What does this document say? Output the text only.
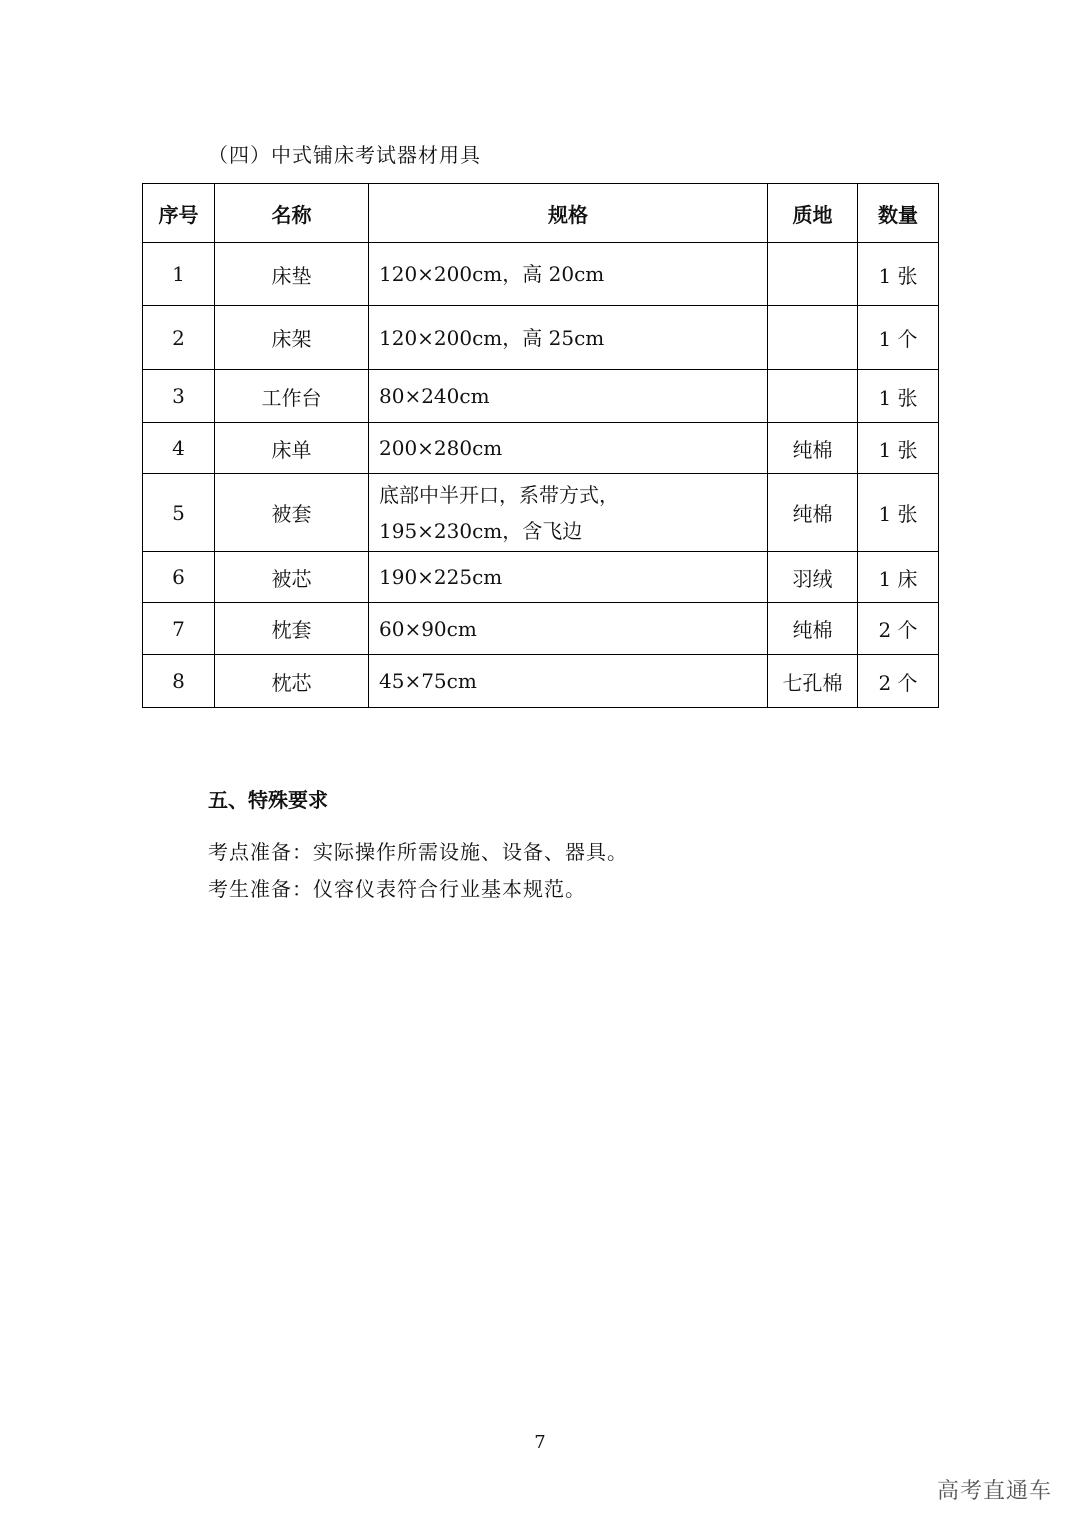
（四）中式铺床考试器材用具
序号	名称	规格	质地	数量
1	床垫	120×200cm，高 20cm		1 张
2	床架	120×200cm，高 25cm		1 个
3	工作台	80×240cm		1 张
4	床单	200×280cm	纯棉	1 张
5	被套	底部中半开口，系带方式，195×230cm，含飞边	纯棉	1 张
6	被芯	190×225cm	羽绒	1 床
7	枕套	60×90cm	纯棉	2 个
8	枕芯	45×75cm	七孔棉	2 个
五、特殊要求
考点准备：实际操作所需设施、设备、器具。
考生准备：仪容仪表符合行业基本规范。
7
高考直通车
